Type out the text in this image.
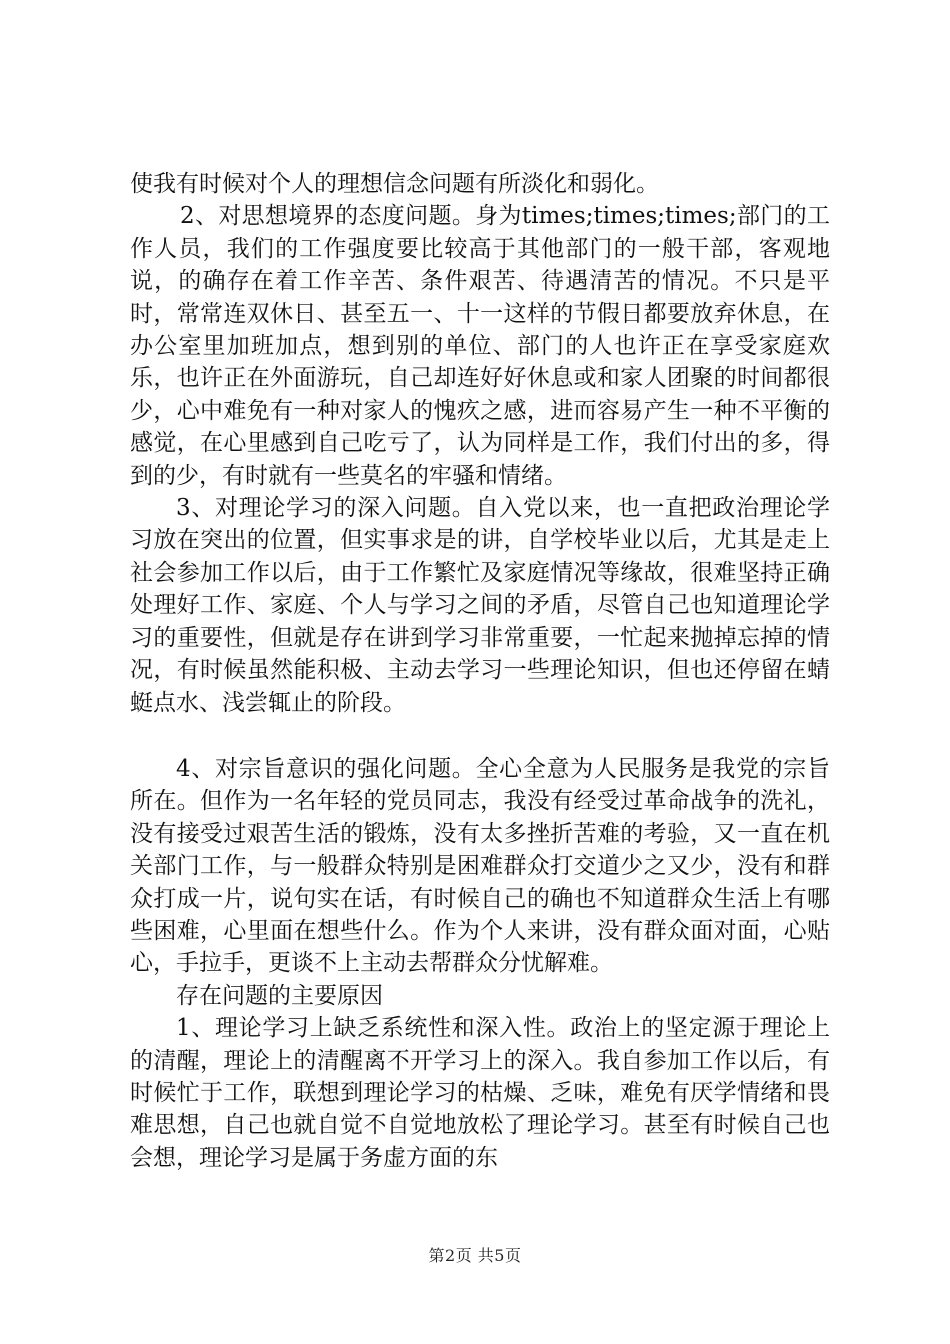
使我有时候对个人的理想信念问题有所淡化和弱化。

2、对思想境界的态度问题。身为times;times;times;部门的工作人员，我们的工作强度要比较高于其他部门的一般干部，客观地说，的确存在着工作辛苦、条件艰苦、待遇清苦的情况。不只是平时，常常连双休日、甚至五一、十一这样的节假日都要放弃休息，在办公室里加班加点，想到别的单位、部门的人也许正在享受家庭欢乐，也许正在外面游玩，自己却连好好休息或和家人团聚的时间都很少，心中难免有一种对家人的愧疚之感，进而容易产生一种不平衡的感觉，在心里感到自己吃亏了，认为同样是工作，我们付出的多，得到的少，有时就有一些莫名的牢骚和情绪。

3、对理论学习的深入问题。自入党以来，也一直把政治理论学习放在突出的位置，但实事求是的讲，自学校毕业以后，尤其是走上社会参加工作以后，由于工作繁忙及家庭情况等缘故，很难坚持正确处理好工作、家庭、个人与学习之间的矛盾，尽管自己也知道理论学习的重要性，但就是存在讲到学习非常重要，一忙起来抛掉忘掉的情况，有时候虽然能积极、主动去学习一些理论知识，但也还停留在蜻蜓点水、浅尝辄止的阶段。

4、对宗旨意识的强化问题。全心全意为人民服务是我党的宗旨所在。但作为一名年轻的党员同志，我没有经受过革命战争的洗礼，没有接受过艰苦生活的锻炼，没有太多挫折苦难的考验，又一直在机关部门工作，与一般群众特别是困难群众打交道少之又少，没有和群众打成一片，说句实在话，有时候自己的确也不知道群众生活上有哪些困难，心里面在想些什么。作为个人来讲，没有群众面对面，心贴心，手拉手，更谈不上主动去帮群众分忧解难。

存在问题的主要原因

1、理论学习上缺乏系统性和深入性。政治上的坚定源于理论上的清醒，理论上的清醒离不开学习上的深入。我自参加工作以后，有时候忙于工作，联想到理论学习的枯燥、乏味，难免有厌学情绪和畏难思想，自己也就自觉不自觉地放松了理论学习。甚至有时候自己也会想，理论学习是属于务虚方面的东

第2页 共5页
